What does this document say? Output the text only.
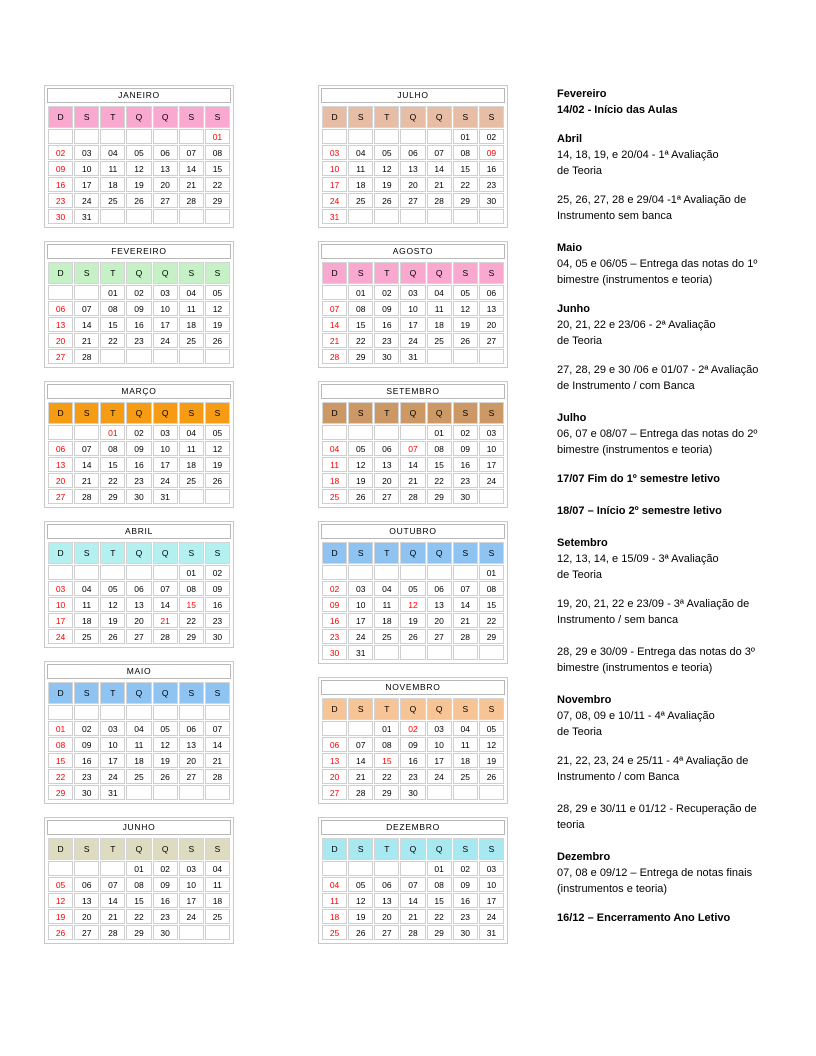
JANEIRO
D	S	T	Q	Q	S	S
						01
02	03	04	05	06	07	08
09	10	11	12	13	14	15
16	17	18	19	20	21	22
23	24	25	26	27	28	29
30	31					
FEVEREIRO
D	S	T	Q	Q	S	S
		01	02	03	04	05
06	07	08	09	10	11	12
13	14	15	16	17	18	19
20	21	22	23	24	25	26
27	28					
MARÇO
D	S	T	Q	Q	S	S
		01	02	03	04	05
06	07	08	09	10	11	12
13	14	15	16	17	18	19
20	21	22	23	24	25	26
27	28	29	30	31		
ABRIL
D	S	T	Q	Q	S	S
					01	02
03	04	05	06	07	08	09
10	11	12	13	14	15	16
17	18	19	20	21	22	23
24	25	26	27	28	29	30
MAIO
D	S	T	Q	Q	S	S

01	02	03	04	05	06	07
08	09	10	11	12	13	14
15	16	17	18	19	20	21
22	23	24	25	26	27	28
29	30	31				
JUNHO
D	S	T	Q	Q	S	S
			01	02	03	04
05	06	07	08	09	10	11
12	13	14	15	16	17	18
19	20	21	22	23	24	25
26	27	28	29	30		
JULHO
D	S	T	Q	Q	S	S
					01	02
03	04	05	06	07	08	09
10	11	12	13	14	15	16
17	18	19	20	21	22	23
24	25	26	27	28	29	30
31						
AGOSTO
D	S	T	Q	Q	S	S
	01	02	03	04	05	06
07	08	09	10	11	12	13
14	15	16	17	18	19	20
21	22	23	24	25	26	27
28	29	30	31			
SETEMBRO
D	S	T	Q	Q	S	S
				01	02	03
04	05	06	07	08	09	10
11	12	13	14	15	16	17
18	19	20	21	22	23	24
25	26	27	28	29	30	
OUTUBRO
D	S	T	Q	Q	S	S
						01
02	03	04	05	06	07	08
09	10	11	12	13	14	15
16	17	18	19	20	21	22
23	24	25	26	27	28	29
30	31					
NOVEMBRO
D	S	T	Q	Q	S	S
		01	02	03	04	05
06	07	08	09	10	11	12
13	14	15	16	17	18	19
20	21	22	23	24	25	26
27	28	29	30			
DEZEMBRO
D	S	T	Q	Q	S	S
				01	02	03
04	05	06	07	08	09	10
11	12	13	14	15	16	17
18	19	20	21	22	23	24
25	26	27	28	29	30	31
Fevereiro
14/02 - Início das Aulas
Abril
14, 18, 19, e 20/04 - 1ª Avaliação
de Teoria
25, 26, 27, 28 e 29/04 -1ª Avaliação de
Instrumento sem banca
Maio
04, 05 e 06/05 – Entrega das notas do 1º
bimestre (instrumentos e teoria)
Junho
20, 21, 22 e 23/06 - 2ª Avaliação
de Teoria
27, 28, 29 e 30 /06 e 01/07 - 2ª Avaliação
de Instrumento / com Banca
Julho
06, 07 e 08/07 – Entrega das notas do 2º
bimestre (instrumentos e teoria)
17/07 Fim do 1º semestre letivo
18/07 – Início 2º semestre letivo
Setembro
12, 13, 14, e 15/09 - 3ª Avaliação
de Teoria
19, 20, 21, 22 e 23/09 - 3ª Avaliação de
Instrumento / sem banca
28, 29 e 30/09 - Entrega das notas do 3º
bimestre (instrumentos e teoria)
Novembro
07, 08, 09 e 10/11 - 4ª Avaliação
de Teoria
21, 22, 23, 24 e 25/11 - 4ª Avaliação de
Instrumento / com Banca
28, 29 e 30/11 e 01/12 - Recuperação de
teoria
Dezembro
07, 08 e 09/12 – Entrega de notas finais
(instrumentos e teoria)
16/12 – Encerramento Ano Letivo
